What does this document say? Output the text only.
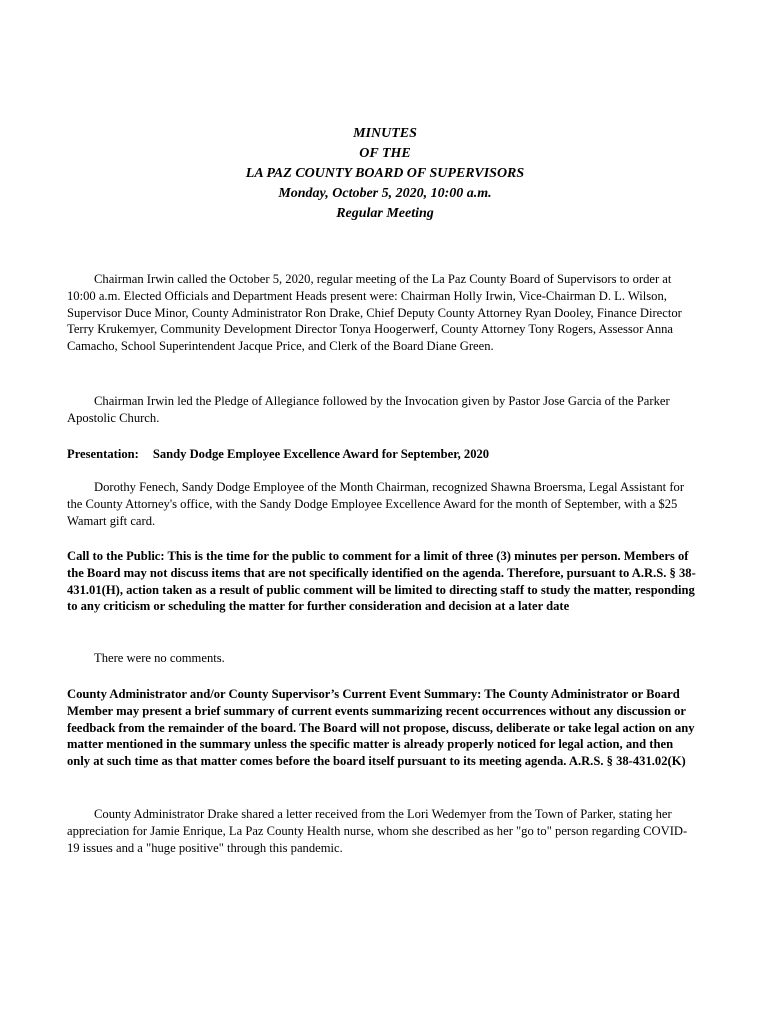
MINUTES
OF THE
LA PAZ COUNTY BOARD OF SUPERVISORS
Monday, October 5, 2020, 10:00 a.m.
Regular Meeting

Chairman Irwin called the October 5, 2020, regular meeting of the La Paz County Board of Supervisors to order at 10:00 a.m. Elected Officials and Department Heads present were: Chairman Holly Irwin, Vice-Chairman D. L. Wilson, Supervisor Duce Minor, County Administrator Ron Drake, Chief Deputy County Attorney Ryan Dooley, Finance Director Terry Krukemyer, Community Development Director Tonya Hoogerwerf, County Attorney Tony Rogers, Assessor Anna Camacho, School Superintendent Jacque Price, and Clerk of the Board Diane Green.

Chairman Irwin led the Pledge of Allegiance followed by the Invocation given by Pastor Jose Garcia of the Parker Apostolic Church.

Presentation: Sandy Dodge Employee Excellence Award for September, 2020

Dorothy Fenech, Sandy Dodge Employee of the Month Chairman, recognized Shawna Broersma, Legal Assistant for the County Attorney's office, with the Sandy Dodge Employee Excellence Award for the month of September, with a $25 Wamart gift card.

Call to the Public: This is the time for the public to comment for a limit of three (3) minutes per person. Members of the Board may not discuss items that are not specifically identified on the agenda. Therefore, pursuant to A.R.S. § 38-431.01(H), action taken as a result of public comment will be limited to directing staff to study the matter, responding to any criticism or scheduling the matter for further consideration and decision at a later date

There were no comments.

County Administrator and/or County Supervisor’s Current Event Summary: The County Administrator or Board Member may present a brief summary of current events summarizing recent occurrences without any discussion or feedback from the remainder of the board. The Board will not propose, discuss, deliberate or take legal action on any matter mentioned in the summary unless the specific matter is already properly noticed for legal action, and then only at such time as that matter comes before the board itself pursuant to its meeting agenda. A.R.S. § 38-431.02(K)

County Administrator Drake shared a letter received from the Lori Wedemyer from the Town of Parker, stating her appreciation for Jamie Enrique, La Paz County Health nurse, whom she described as her "go to" person regarding COVID-19 issues and a "huge positive" through this pandemic.
